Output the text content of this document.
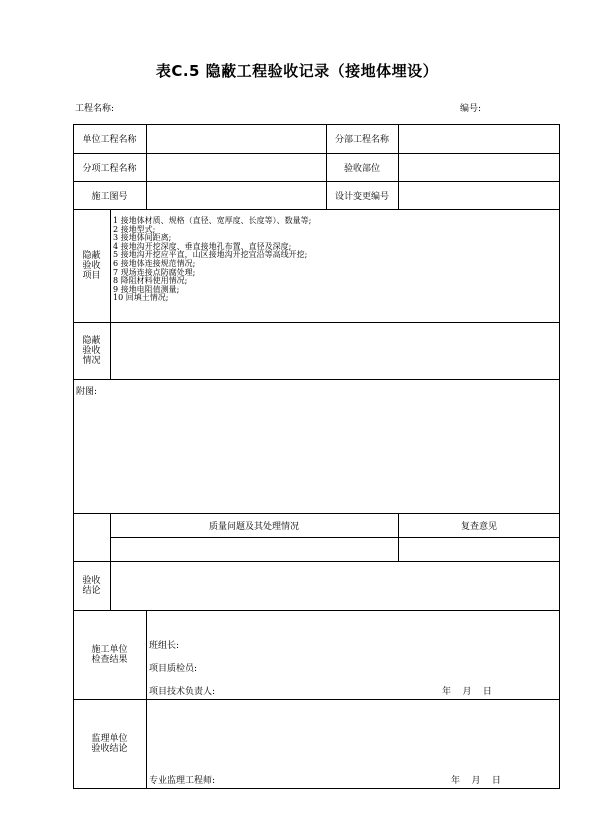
表C.5 隐蔽工程验收记录（接地体埋设）
工程名称:	编号:
单位工程名称	分部工程名称
分项工程名称	验收部位
施工图号	设计变更编号
隐蔽验收项目
1 接地体材质、规格（直径、宽厚度、长度等）、数量等;
2 接地型式;
3 接地体间距离;
4 接地沟开挖深度、垂直接地孔布置、直径及深度;
5 接地沟开挖应平直，山区接地沟开挖宜沿等高线开挖;
6 接地体连接规范情况;
7 现场连接点防腐处理;
8 降阻材料使用情况;
9 接地电阻值测量;
10 回填土情况;
隐蔽验收情况
附图:
质量问题及其处理情况	复查意见
验收结论
施工单位检查结果
班组长:
项目质检员:
项目技术负责人:	年    月    日
监理单位验收结论
专业监理工程师:	年    月    日
